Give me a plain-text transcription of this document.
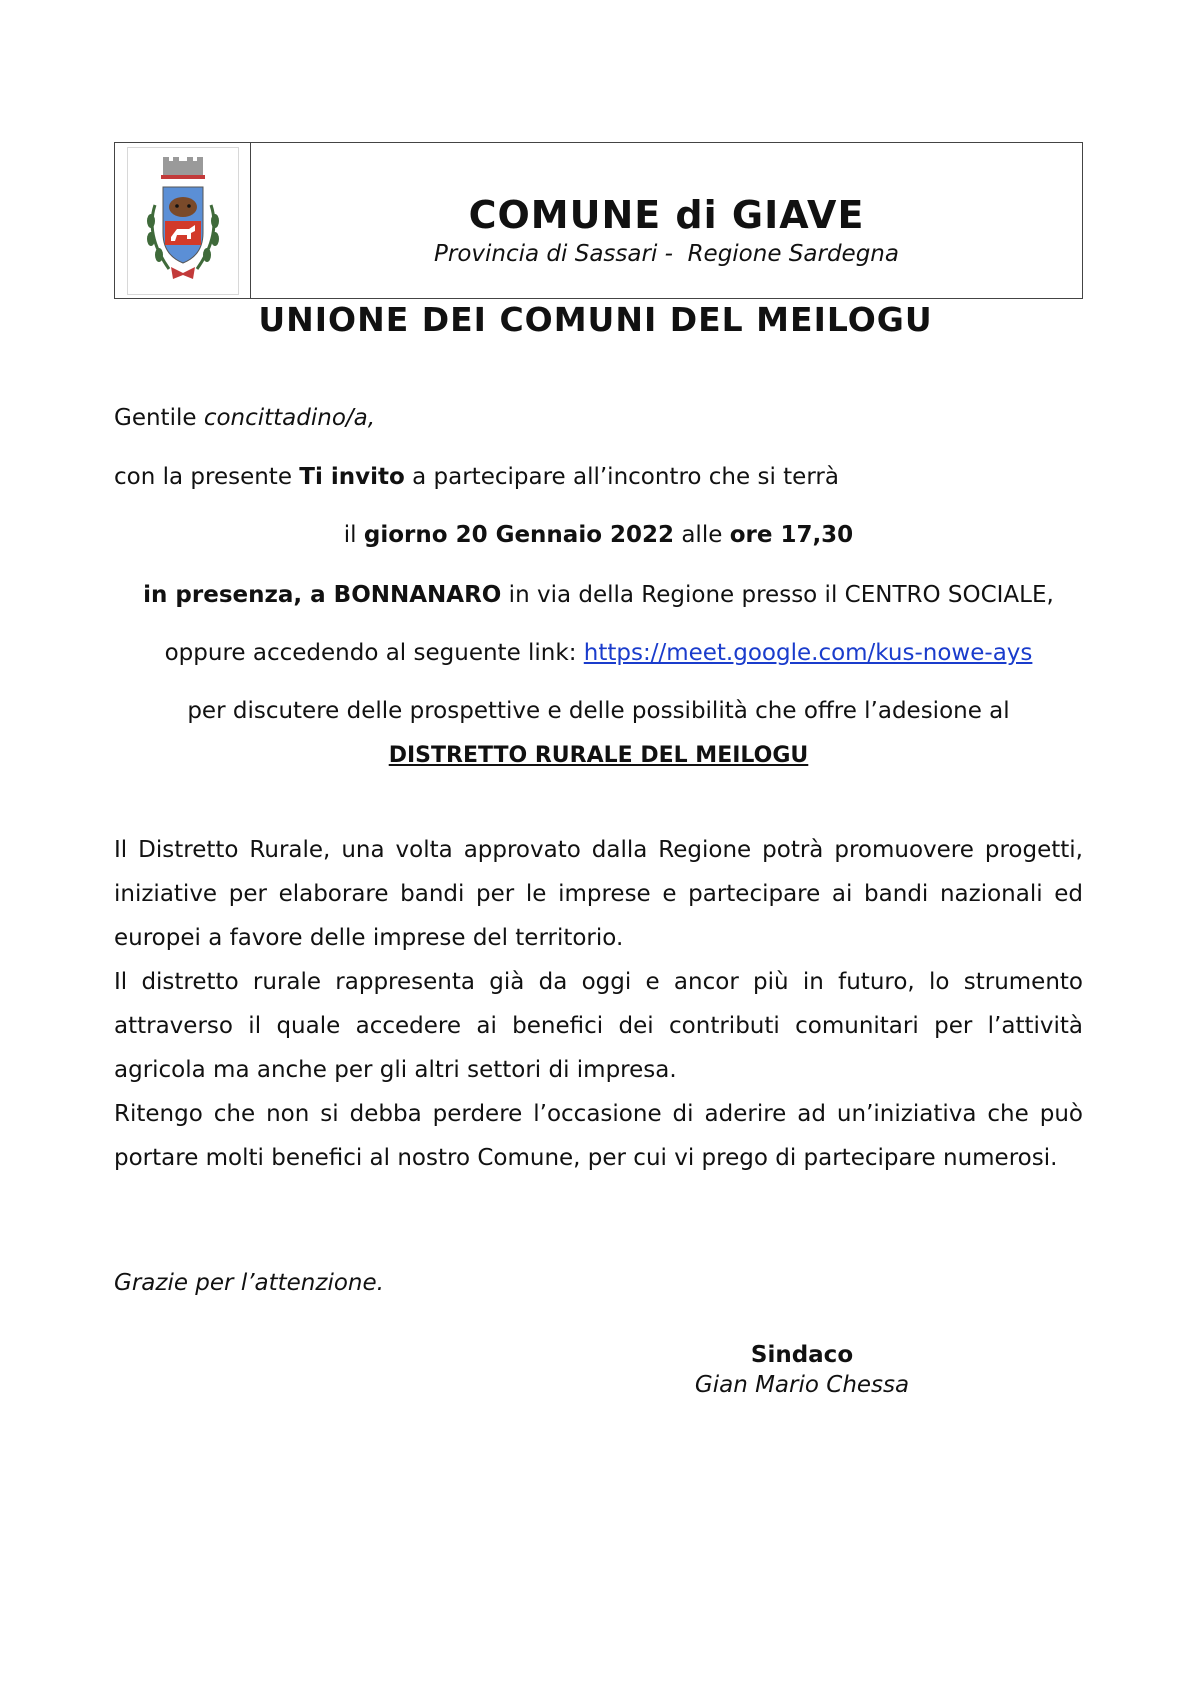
COMUNE di GIAVE
Provincia di Sassari -  Regione Sardegna
UNIONE DEI COMUNI DEL MEILOGU
Gentile concittadino/a,
con la presente Ti invito a partecipare all’incontro che si terrà
il giorno 20 Gennaio 2022 alle ore 17,30
in presenza, a BONNANARO in via della Regione presso il CENTRO SOCIALE,
oppure accedendo al seguente link: https://meet.google.com/kus-nowe-ays
per discutere delle prospettive e delle possibilità che offre l’adesione al
DISTRETTO RURALE DEL MEILOGU

Il Distretto Rurale, una volta approvato dalla Regione potrà promuovere progetti, iniziative per elaborare bandi per le imprese e partecipare ai bandi nazionali ed europei a favore delle imprese del territorio.

Il distretto rurale rappresenta già da oggi e ancor più in futuro, lo strumento attraverso il quale accedere ai benefici dei contributi comunitari per l’attività agricola ma anche per gli altri settori di impresa.

Ritengo che non si debba perdere l’occasione di aderire ad un’iniziativa che può portare molti benefici al nostro Comune, per cui vi prego di partecipare numerosi.

Grazie per l’attenzione.
Sindaco
Gian Mario Chessa
